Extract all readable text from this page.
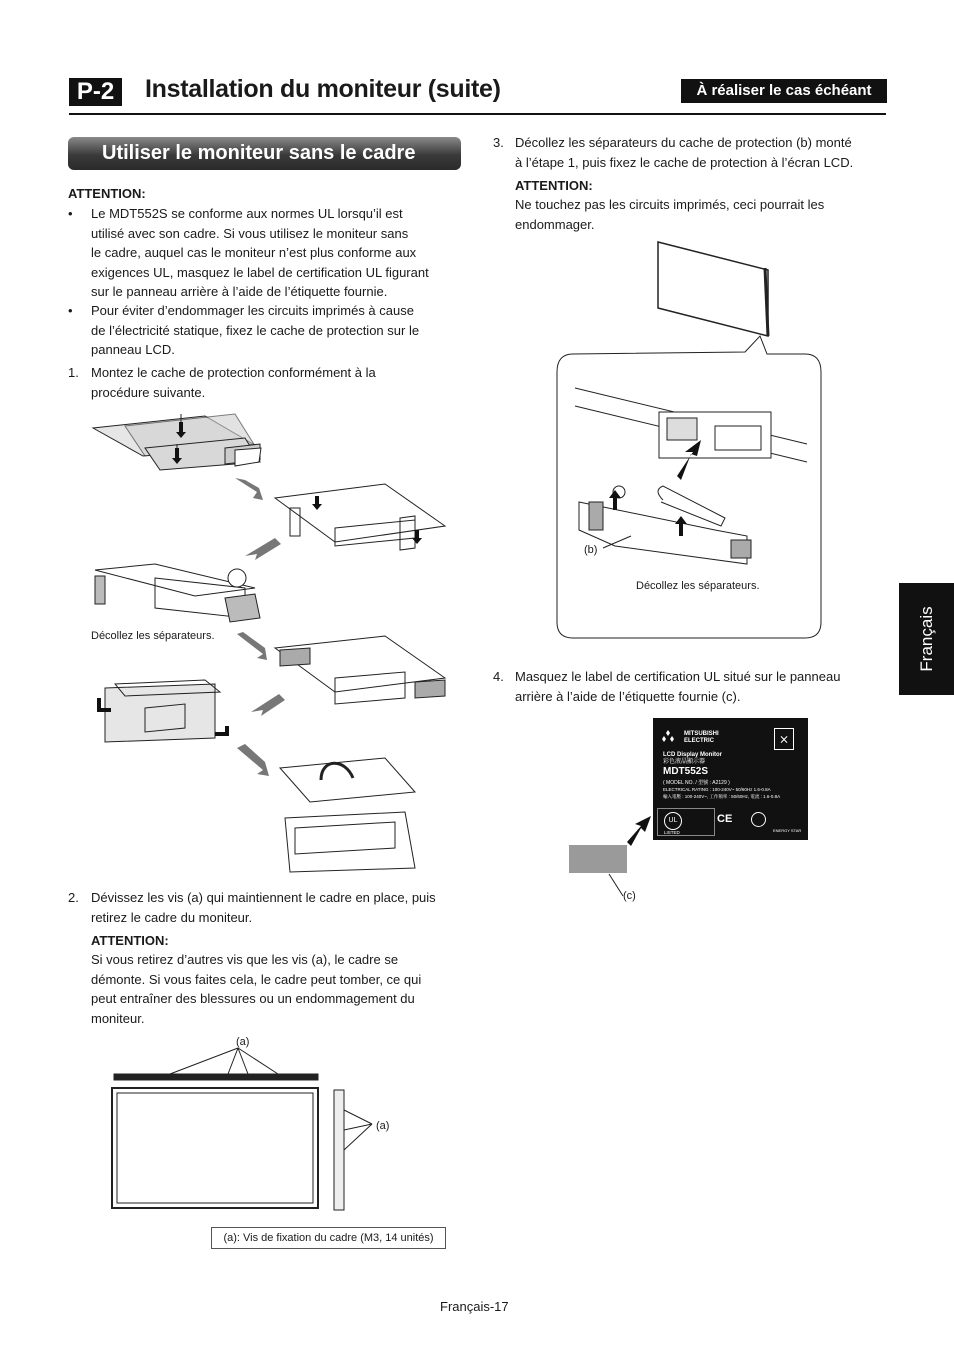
P-2	Installation du moniteur (suite)	À réaliser le cas échéant
Utiliser le moniteur sans le cadre
ATTENTION:
• Le MDT552S se conforme aux normes UL lorsqu’il est
utilisé avec son cadre. Si vous utilisez le moniteur sans
le cadre, auquel cas le moniteur n’est plus conforme aux
exigences UL, masquez le label de certification UL figurant
sur le panneau arrière à l’aide de l’étiquette fournie.
• Pour éviter d’endommager les circuits imprimés à cause
de l’électricité statique, fixez le cache de protection sur le
panneau LCD.
1. Montez le cache de protection conformément à la
procédure suivante.
Décollez les séparateurs.
2. Dévissez les vis (a) qui maintiennent le cadre en place, puis
retirez le cadre du moniteur.
ATTENTION:
Si vous retirez d’autres vis que les vis (a), le cadre se
démonte. Si vous faites cela, le cadre peut tomber, ce qui
peut entraîner des blessures ou un endommagement du
moniteur.
(a)
(a)
(a): Vis de fixation du cadre (M3, 14 unités)
3. Décollez les séparateurs du cache de protection (b) monté
à l’étape 1, puis fixez le cache de protection à l’écran LCD.
ATTENTION:
Ne touchez pas les circuits imprimés, ceci pourrait les
endommager.
(b)
Décollez les séparateurs.
4. Masquez le label de certification UL situé sur le panneau
arrière à l’aide de l’étiquette fournie (c).
MITSUBISHI
ELECTRIC	⨯
LCD Display Monitor
彩色液晶顯示器
MDT552S
( MODEL NO. / 型號 : A2129 )
ELECTRICAL RATING : 100-240V~ 50/60Hz 1.6-0.8A
輸入電壓 : 100-240V~, 工作頻率 : 50/60Hz, 電流 : 1.6-0.8A
UL
LISTED
CE
ENERGY STAR
(c)
Français
Français-17
